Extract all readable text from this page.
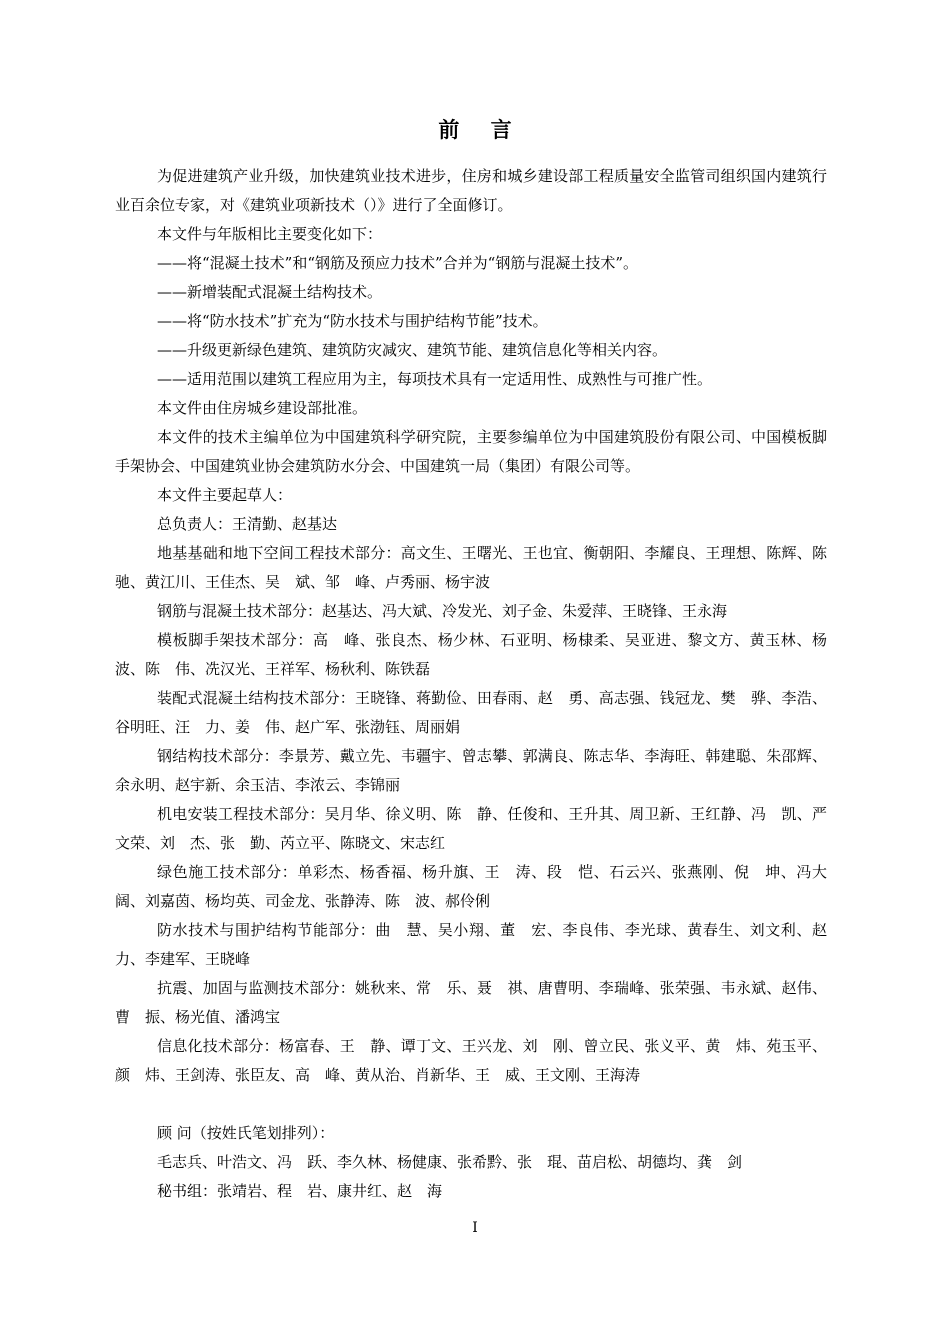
前 言

为促进建筑产业升级，加快建筑业技术进步，住房和城乡建设部工程质量安全监管司组织国内建筑行业百余位专家，对《建筑业项新技术（）》进行了全面修订。

本文件与年版相比主要变化如下：

——将“混凝土技术”和“钢筋及预应力技术”合并为“钢筋与混凝土技术”。

——新增装配式混凝土结构技术。

——将“防水技术”扩充为“防水技术与围护结构节能”技术。

——升级更新绿色建筑、建筑防灾减灾、建筑节能、建筑信息化等相关内容。

——适用范围以建筑工程应用为主，每项技术具有一定适用性、成熟性与可推广性。

本文件由住房城乡建设部批准。

本文件的技术主编单位为中国建筑科学研究院，主要参编单位为中国建筑股份有限公司、中国模板脚手架协会、中国建筑业协会建筑防水分会、中国建筑一局（集团）有限公司等。

本文件主要起草人：

总负责人：王清勤、赵基达

地基基础和地下空间工程技术部分：高文生、王曙光、王也宜、衡朝阳、李耀良、王理想、陈辉、陈　驰、黄江川、王佳杰、吴　斌、邹　峰、卢秀丽、杨宇波

钢筋与混凝土技术部分：赵基达、冯大斌、冷发光、刘子金、朱爱萍、王晓锋、王永海

模板脚手架技术部分：高　峰、张良杰、杨少林、石亚明、杨棣柔、吴亚进、黎文方、黄玉林、杨波、陈　伟、冼汉光、王祥军、杨秋利、陈铁磊

装配式混凝土结构技术部分：王晓锋、蒋勤俭、田春雨、赵　勇、高志强、钱冠龙、樊　骅、李浩、谷明旺、汪　力、姜　伟、赵广军、张渤钰、周丽娟

钢结构技术部分：李景芳、戴立先、韦疆宇、曾志攀、郭满良、陈志华、李海旺、韩建聪、朱邵辉、余永明、赵宇新、余玉洁、李浓云、李锦丽

机电安装工程技术部分：吴月华、徐义明、陈　静、任俊和、王升其、周卫新、王红静、冯　凯、严文荣、刘　杰、张　勤、芮立平、陈晓文、宋志红

绿色施工技术部分：单彩杰、杨香福、杨升旗、王　涛、段　恺、石云兴、张燕刚、倪　坤、冯大阔、刘嘉茵、杨均英、司金龙、张静涛、陈　波、郝伶俐

防水技术与围护结构节能部分：曲　慧、吴小翔、董　宏、李良伟、李光球、黄春生、刘文利、赵力、李建军、王晓峰

抗震、加固与监测技术部分：姚秋来、常　乐、聂　祺、唐曹明、李瑞峰、张荣强、韦永斌、赵伟、曹　振、杨光值、潘鸿宝

信息化技术部分：杨富春、王　静、谭丁文、王兴龙、刘　刚、曾立民、张义平、黄　炜、苑玉平、颜　炜、王剑涛、张臣友、高　峰、黄从治、肖新华、王　威、王文刚、王海涛

顾 问（按姓氏笔划排列）：

毛志兵、叶浩文、冯　跃、李久林、杨健康、张希黔、张　琨、苗启松、胡德均、龚　剑

秘书组：张靖岩、程　岩、康井红、赵　海

I
